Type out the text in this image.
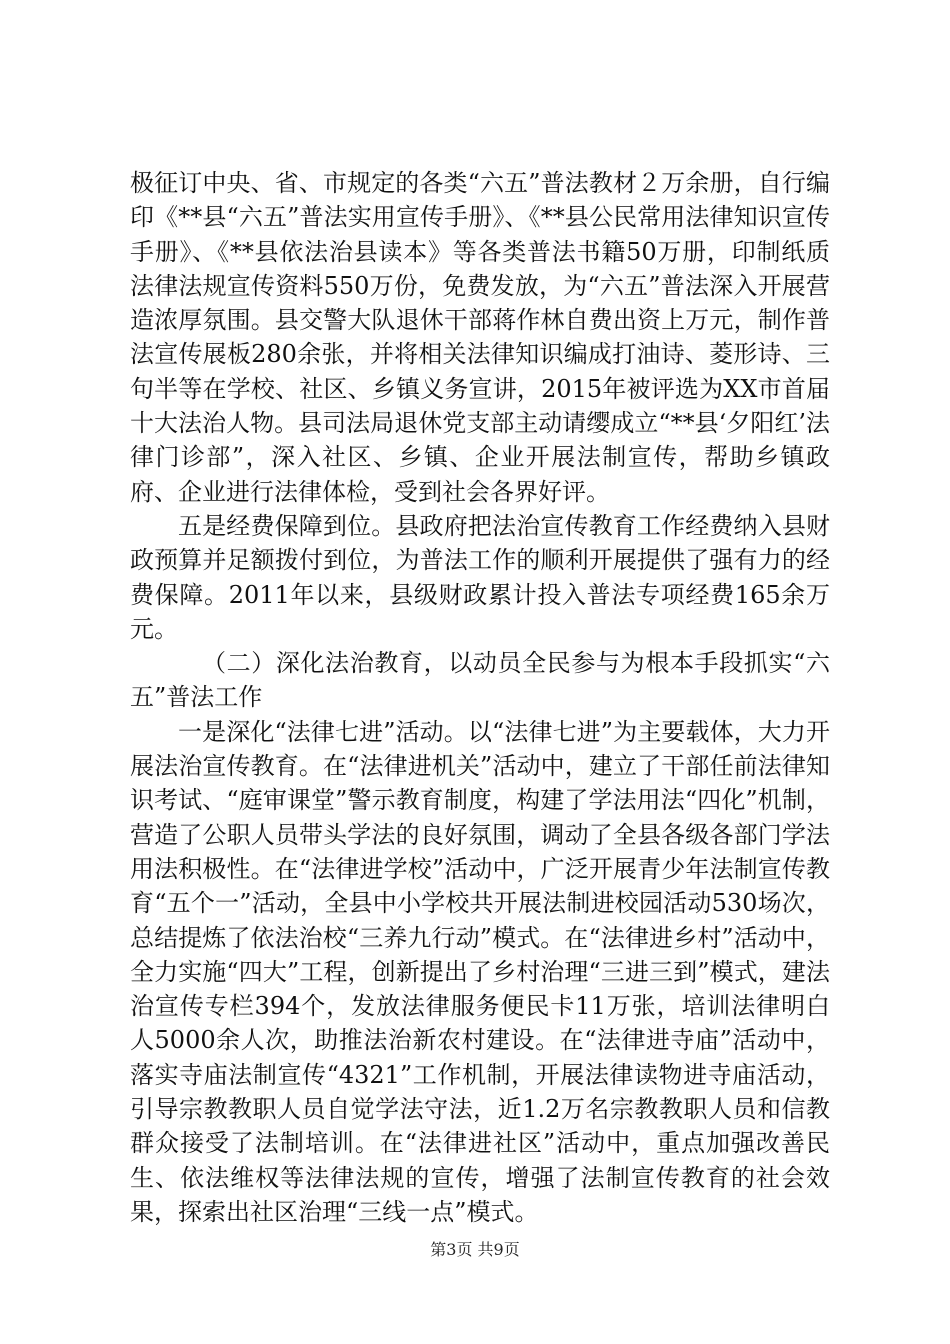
极征订中央、省、市规定的各类“六五”普法教材２万余册，自行编印《**县“六五”普法实用宣传手册》、《**县公民常用法律知识宣传手册》、《**县依法治县读本》等各类普法书籍50万册，印制纸质法律法规宣传资料550万份，免费发放，为“六五”普法深入开展营造浓厚氛围。县交警大队退休干部蒋作林自费出资上万元，制作普法宣传展板280余张，并将相关法律知识编成打油诗、菱形诗、三句半等在学校、社区、乡镇义务宣讲，2015年被评选为XX市首届十大法治人物。县司法局退休党支部主动请缨成立“**县‘夕阳红’法律门诊部”，深入社区、乡镇、企业开展法制宣传，帮助乡镇政府、企业进行法律体检，受到社会各界好评。

五是经费保障到位。县政府把法治宣传教育工作经费纳入县财政预算并足额拨付到位，为普法工作的顺利开展提供了强有力的经费保障。2011年以来，县级财政累计投入普法专项经费165余万元。

（二）深化法治教育，以动员全民参与为根本手段抓实“六五”普法工作

一是深化“法律七进”活动。以“法律七进”为主要载体，大力开展法治宣传教育。在“法律进机关”活动中，建立了干部任前法律知识考试、“庭审课堂”警示教育制度，构建了学法用法“四化”机制，营造了公职人员带头学法的良好氛围，调动了全县各级各部门学法用法积极性。在“法律进学校”活动中，广泛开展青少年法制宣传教育“五个一”活动，全县中小学校共开展法制进校园活动530场次，总结提炼了依法治校“三养九行动”模式。在“法律进乡村”活动中，全力实施“四大”工程，创新提出了乡村治理“三进三到”模式，建法治宣传专栏394个，发放法律服务便民卡11万张，培训法律明白人5000余人次，助推法治新农村建设。在“法律进寺庙”活动中，落实寺庙法制宣传“4321”工作机制，开展法律读物进寺庙活动，引导宗教教职人员自觉学法守法，近1.2万名宗教教职人员和信教群众接受了法制培训。在“法律进社区”活动中，重点加强改善民生、依法维权等法律法规的宣传，增强了法制宣传教育的社会效果，探索出社区治理“三线一点”模式。

第3页 共9页
